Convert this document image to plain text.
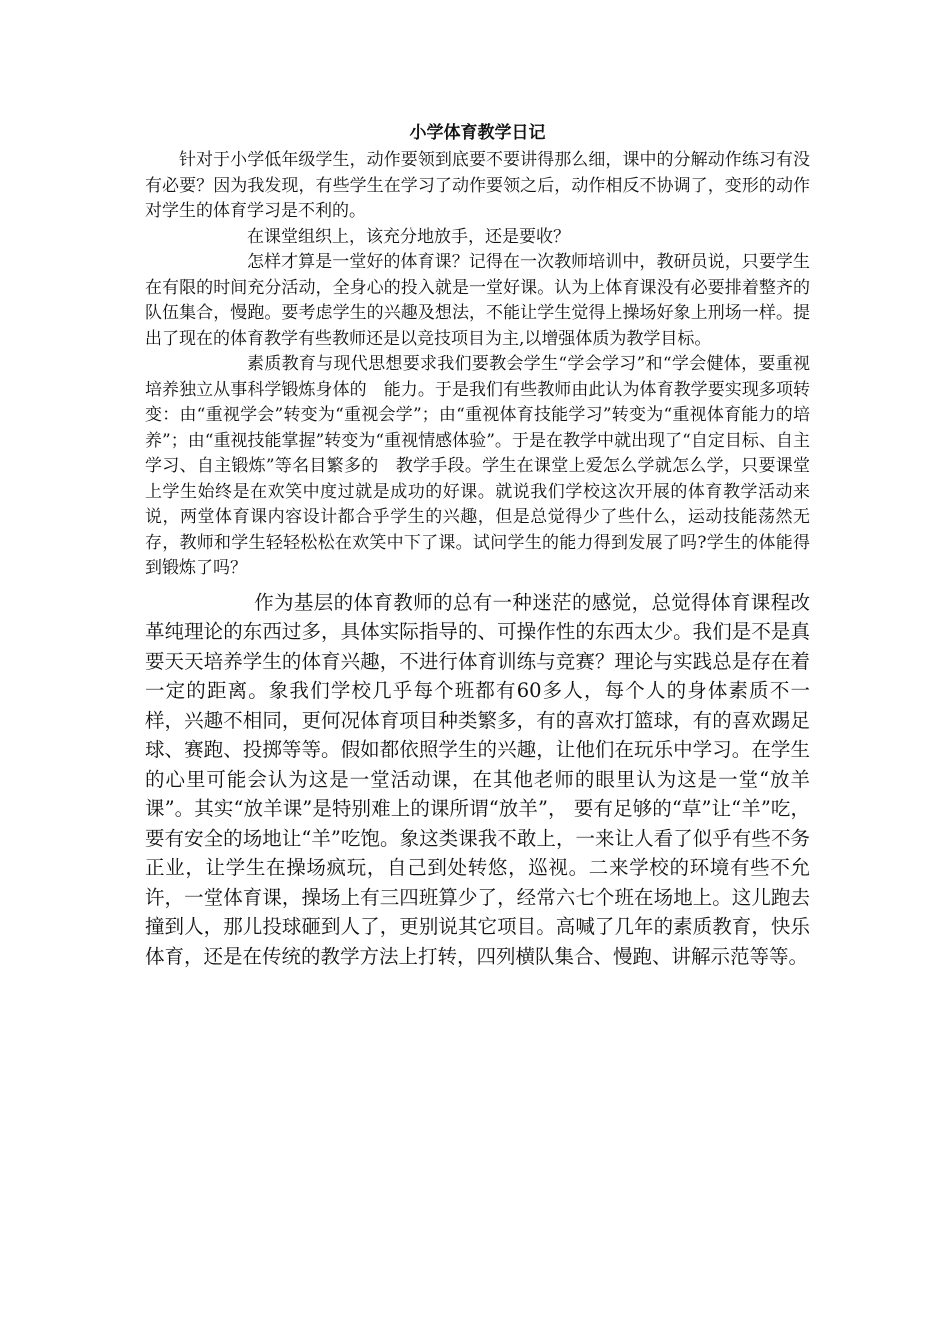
小学体育教学日记

针对于小学低年级学生，动作要领到底要不要讲得那么细，课中的分解动作练习有没有必要？因为我发现，有些学生在学习了动作要领之后，动作相反不协调了，变形的动作对学生的体育学习是不利的。

在课堂组织上，该充分地放手，还是要收？

怎样才算是一堂好的体育课？记得在一次教师培训中，教研员说，只要学生在有限的时间充分活动，全身心的投入就是一堂好课。认为上体育课没有必要排着整齐的队伍集合，慢跑。要考虑学生的兴趣及想法，不能让学生觉得上操场好象上刑场一样。提出了现在的体育教学有些教师还是以竞技项目为主,以增强体质为教学目标。

素质教育与现代思想要求我们要教会学生“学会学习”和“学会健体，要重视培养独立从事科学锻炼身体的　能力。于是我们有些教师由此认为体育教学要实现多项转变：由“重视学会”转变为“重视会学”；由“重视体育技能学习”转变为“重视体育能力的培养”；由“重视技能掌握”转变为“重视情感体验”。于是在教学中就出现了“自定目标、自主学习、自主锻炼”等名目繁多的　教学手段。学生在课堂上爱怎么学就怎么学，只要课堂上学生始终是在欢笑中度过就是成功的好课。就说我们学校这次开展的体育教学活动来说，两堂体育课内容设计都合乎学生的兴趣，但是总觉得少了些什么，运动技能荡然无存，教师和学生轻轻松松在欢笑中下了课。试问学生的能力得到发展了吗?学生的体能得到锻炼了吗？

作为基层的体育教师的总有一种迷茫的感觉，总觉得体育课程改革纯理论的东西过多，具体实际指导的、可操作性的东西太少。我们是不是真要天天培养学生的体育兴趣，不进行体育训练与竞赛？理论与实践总是存在着一定的距离。象我们学校几乎每个班都有60多人，每个人的身体素质不一样，兴趣不相同，更何况体育项目种类繁多，有的喜欢打篮球，有的喜欢踢足球、赛跑、投掷等等。假如都依照学生的兴趣，让他们在玩乐中学习。在学生的心里可能会认为这是一堂活动课，在其他老师的眼里认为这是一堂“放羊课”。其实“放羊课”是特别难上的课所谓“放羊”， 要有足够的“草”让“羊”吃，要有安全的场地让“羊”吃饱。象这类课我不敢上，一来让人看了似乎有些不务正业，让学生在操场疯玩，自己到处转悠，巡视。二来学校的环境有些不允许，一堂体育课，操场上有三四班算少了，经常六七个班在场地上。这儿跑去撞到人，那儿投球砸到人了，更别说其它项目。高喊了几年的素质教育，快乐体育，还是在传统的教学方法上打转，四列横队集合、慢跑、讲解示范等等。
